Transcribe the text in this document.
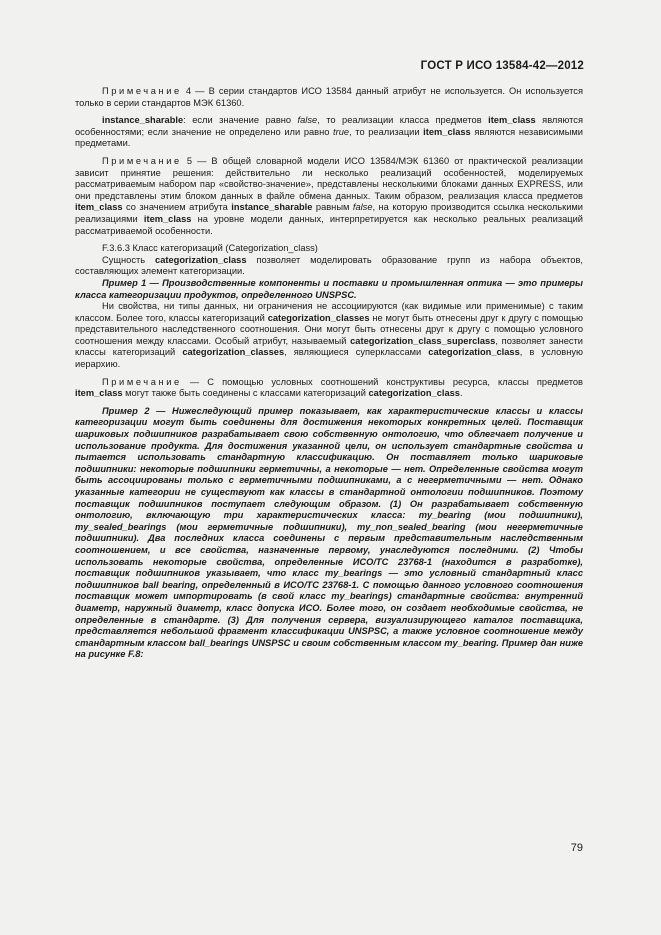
ГОСТ Р ИСО 13584-42—2012

Примечание 4 — В серии стандартов ИСО 13584 данный атрибут не используется. Он используется только в серии стандартов МЭК 61360.

instance_sharable: если значение равно false, то реализации класса предметов item_class являются особенностями; если значение не определено или равно true, то реализации item_class являются независимыми предметами.

Примечание 5 — В общей словарной модели ИСО 13584/МЭК 61360 от практической реализации зависит принятие решения: действительно ли несколько реализаций особенностей, моделируемых рассматриваемым набором пар «свойство-значение», представлены несколькими блоками данных EXPRESS, или они представлены этим блоком данных в файле обмена данных. Таким образом, реализация класса предметов item_class со значением атрибута instance_sharable равным false, на которую производится ссылка несколькими реализациями item_class на уровне модели данных, интерпретируется как несколько реальных реализаций рассматриваемой особенности.

F.3.6.3 Класс категоризаций (Categorization_class)

Сущность categorization_class позволяет моделировать образование групп из набора объектов, составляющих элемент категоризации.

Пример 1 — Производственные компоненты и поставки и промышленная оптика — это примеры класса категоризации продуктов, определенного UNSPSC.

Ни свойства, ни типы данных, ни ограничения не ассоциируются (как видимые или применимые) с таким классом. Более того, классы категоризаций categorization_classes не могут быть отнесены друг к другу с помощью представительного наследственного соотношения. Они могут быть отнесены друг к другу с помощью условного соотношения между классами. Особый атрибут, называемый categorization_class_superclass, позволяет занести классы категоризаций categorization_classes, являющиеся суперклассами categorization_class, в условную иерархию.

Примечание — С помощью условных соотношений конструктивы ресурса, классы предметов item_class могут также быть соединены с классами категоризаций categorization_class.

Пример 2 — Нижеследующий пример показывает, как характеристические классы и классы категоризации могут быть соединены для достижения некоторых конкретных целей. Поставщик шариковых подшипников разрабатывает свою собственную онтологию, что облегчает получение и использование продукта. Для достижения указанной цели, он использует стандартные свойства и пытается использовать стандартную классификацию. Он поставляет только шариковые подшипники: некоторые подшипники герметичны, а некоторые — нет. Определенные свойства могут быть ассоциированы только с герметичными подшипниками, а с негерметичными — нет. Однако указанные категории не существуют как классы в стандартной онтологии подшипников. Поэтому поставщик подшипников поступает следующим образом. (1) Он разрабатывает собственную онтологию, включающую три характеристических класса: my_bearing (мои подшипники), my_sealed_bearings (мои герметичные подшипники), my_non_sealed_bearing (мои негерметичные подшипники). Два последних класса соединены с первым представительным наследственным соотношением, и все свойства, назначенные первому, унаследуются последними. (2) Чтобы использовать некоторые свойства, определенные ИСО/ТС 23768-1 (находится в разработке), поставщик подшипников указывает, что класс my_bearings — это условный стандартный класс подшипников ball bearing, определенный в ИСО/ТС 23768-1. С помощью данного условного соотношения поставщик может импортировать (в свой класс my_bearings) стандартные свойства: внутренний диаметр, наружный диаметр, класс допуска ИСО. Более того, он создает необходимые свойства, не определенные в стандарте. (3) Для получения сервера, визуализирующего каталог поставщика, представляется небольшой фрагмент классификации UNSPSC, а также условное соотношение между стандартным классом ball_bearings UNSPSC и своим собственным классом my_bearing. Пример дан ниже на рисунке F.8:

79
